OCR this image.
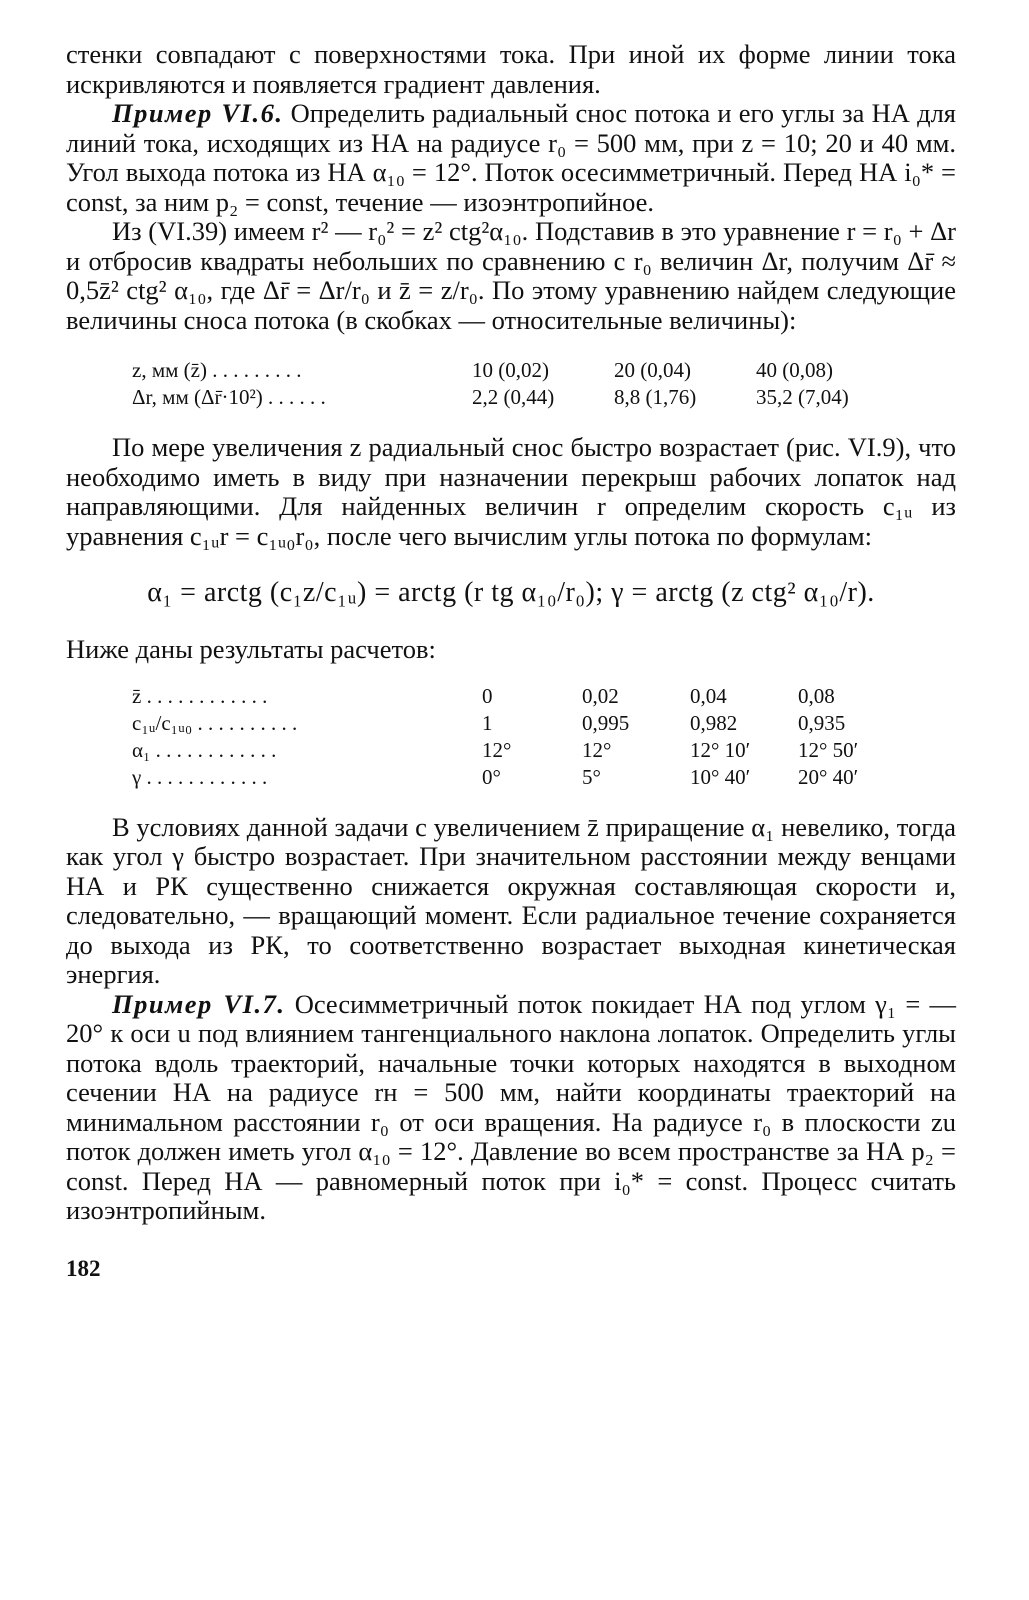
стенки совпадают с поверхностями тока. При иной их форме линии тока искривляются и появляется градиент давления.

Пример VI.6. Определить радиальный снос потока и его углы за НА для линий тока, исходящих из НА на радиусе r₀ = 500 мм, при z = 10; 20 и 40 мм. Угол выхода потока из НА α₁₀ = 12°. Поток осесимметричный. Перед НА i₀* = const, за ним p₂ = const, течение — изоэнтропийное.

Из (VI.39) имеем r² — r₀² = z² ctg²α₁₀. Подставив в это уравнение r = r₀ + Δr и отбросив квадраты небольших по сравнению с r₀ величин Δr, получим Δr̄ ≈ 0,5z̄² ctg² α₁₀, где Δr̄ = Δr/r₀ и z̄ = z/r₀. По этому уравнению найдем следующие величины сноса потока (в скобках — относительные величины):

z, мм (z̄) . . . . . . . . .	10 (0,02)	20 (0,04)	40 (0,08)
Δr, мм (Δr̄·10²) . . . . . .	2,2 (0,44)	8,8 (1,76)	35,2 (7,04)

По мере увеличения z радиальный снос быстро возрастает (рис. VI.9), что необходимо иметь в виду при назначении перекрыш рабочих лопаток над направляющими. Для найденных величин r определим скорость c₁ᵤ из уравнения c₁ᵤr = c₁ᵤ₀r₀, после чего вычислим углы потока по формулам:

α₁ = arctg (c₁z/c₁ᵤ) = arctg (r tg α₁₀/r₀); γ = arctg (z ctg² α₁₀/r).

Ниже даны результаты расчетов:

z̄ . . . . . . . . . . . .	0	0,02	0,04	0,08
c₁ᵤ/c₁ᵤ₀ . . . . . . . . . .	1	0,995	0,982	0,935
α₁ . . . . . . . . . . . .	12°	12°	12° 10′	12° 50′
γ . . . . . . . . . . . .	0°	5°	10° 40′	20° 40′

В условиях данной задачи с увеличением z̄ приращение α₁ невелико, тогда как угол γ быстро возрастает. При значительном расстоянии между венцами НА и РК существенно снижается окружная составляющая скорости и, следовательно, — вращающий момент. Если радиальное течение сохраняется до выхода из РК, то соответственно возрастает выходная кинетическая энергия.

Пример VI.7. Осесимметричный поток покидает НА под углом γ₁ = —20° к оси u под влиянием тангенциального наклона лопаток. Определить углы потока вдоль траекторий, начальные точки которых находятся в выходном сечении НА на радиусе rн = 500 мм, найти координаты траекторий на минимальном расстоянии r₀ от оси вращения. На радиусе r₀ в плоскости zu поток должен иметь угол α₁₀ = 12°. Давление во всем пространстве за НА p₂ = const. Перед НА — равномерный поток при i₀* = const. Процесс считать изоэнтропийным.

182
